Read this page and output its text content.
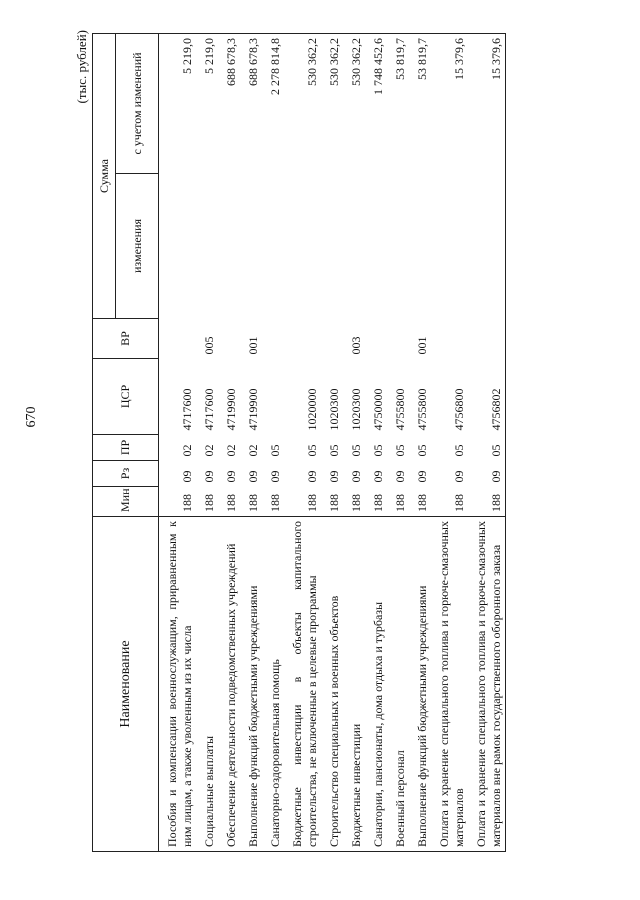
670
(тыс. рублей)
Наименование	Мин	Рз	ПР	ЦСР	ВР	Сумма	
						изменения	с учетом изменений
Пособия и компенсации военнослужащим, приравненным к ним лицам, а также уволенным из их числа	188	09	02	4717600			5 219,0
Социальные выплаты	188	09	02	4717600	005		5 219,0
Обеспечение деятельности подведомственных учреждений	188	09	02	4719900			688 678,3
Выполнение функций бюджетными учреждениями	188	09	02	4719900	001		688 678,3
Санаторно-оздоровительная помощь	188	09	05				2 278 814,8
Бюджетные инвестиции в объекты капитального строительства, не включенные в целевые программы	188	09	05	1020000			530 362,2
Строительство специальных и военных объектов	188	09	05	1020300			530 362,2
Бюджетные инвестиции	188	09	05	1020300	003		530 362,2
Санатории, пансионаты, дома отдыха и турбазы	188	09	05	4750000			1 748 452,6
Военный персонал	188	09	05	4755800			53 819,7
Выполнение функций бюджетными учреждениями	188	09	05	4755800	001		53 819,7
Оплата и хранение специального топлива и горюче-смазочных материалов	188	09	05	4756800			15 379,6
Оплата и хранение специального топлива и горюче-смазочных материалов вне рамок государственного оборонного заказа	188	09	05	4756802			15 379,6
